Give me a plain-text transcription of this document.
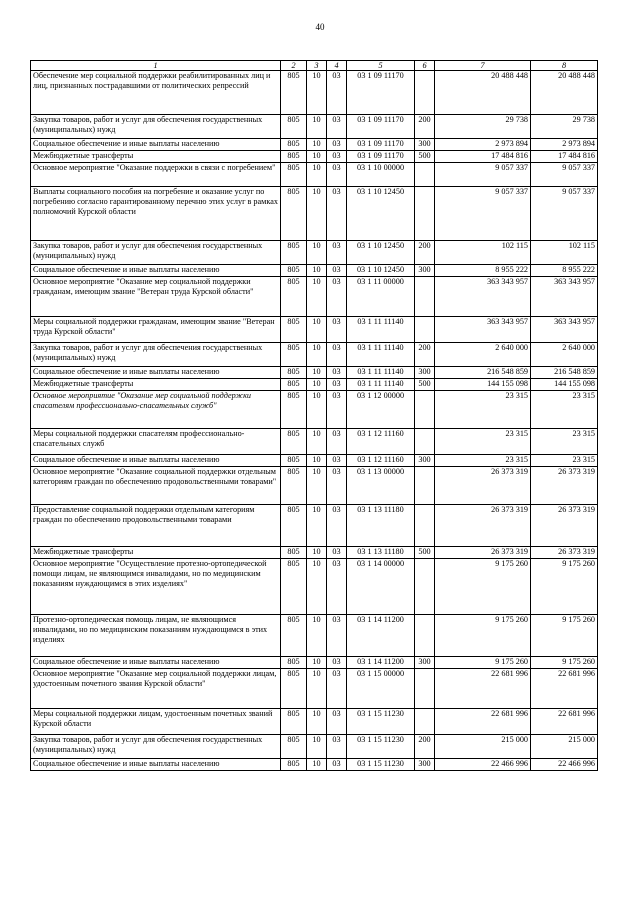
40
1	2	3	4	5	6	7	8
Обеспечение мер социальной поддержки реабилитированных лиц и лиц, признанных пострадавшими от политических репрессий	805	10	03	03 1 09 11170		20 488 448	20 488 448
Закупка товаров, работ и услуг для обеспечения государственных (муниципальных) нужд	805	10	03	03 1 09 11170	200	29 738	29 738
Социальное обеспечение и иные выплаты населению	805	10	03	03 1 09 11170	300	2 973 894	2 973 894
Межбюджетные трансферты	805	10	03	03 1 09 11170	500	17 484 816	17 484 816
Основное мероприятие "Оказание поддержки в связи с погребением"	805	10	03	03 1 10 00000		9 057 337	9 057 337
Выплаты социального пособия на погребение и оказание услуг по погребению согласно гарантированному перечню этих услуг в рамках полномочий Курской области	805	10	03	03 1 10 12450		9 057 337	9 057 337
Закупка товаров, работ и услуг для обеспечения государственных (муниципальных) нужд	805	10	03	03 1 10 12450	200	102 115	102 115
Социальное обеспечение и иные выплаты населению	805	10	03	03 1 10 12450	300	8 955 222	8 955 222
Основное мероприятие "Оказание мер социальной поддержки гражданам, имеющим звание "Ветеран труда Курской области"	805	10	03	03 1 11 00000		363 343 957	363 343 957
Меры социальной поддержки гражданам, имеющим звание "Ветеран труда Курской области"	805	10	03	03 1 11 11140		363 343 957	363 343 957
Закупка товаров, работ и услуг для обеспечения государственных (муниципальных) нужд	805	10	03	03 1 11 11140	200	2 640 000	2 640 000
Социальное обеспечение и иные выплаты населению	805	10	03	03 1 11 11140	300	216 548 859	216 548 859
Межбюджетные трансферты	805	10	03	03 1 11 11140	500	144 155 098	144 155 098
Основное мероприятие "Оказание мер социальной поддержки спасателям профессионально-спасательных служб"	805	10	03	03 1 12 00000		23 315	23 315
Меры социальной поддержки спасателям профессионально-спасательных служб	805	10	03	03 1 12 11160		23 315	23 315
Социальное обеспечение и иные выплаты населению	805	10	03	03 1 12 11160	300	23 315	23 315
Основное мероприятие "Оказание социальной поддержки отдельным категориям граждан по обеспечению продовольственными товарами"	805	10	03	03 1 13 00000		26 373 319	26 373 319
Предоставление социальной поддержки отдельным категориям граждан по обеспечению продовольственными товарами	805	10	03	03 1 13 11180		26 373 319	26 373 319
Межбюджетные трансферты	805	10	03	03 1 13 11180	500	26 373 319	26 373 319
Основное мероприятие "Осуществление протезно-ортопедической помощи лицам, не являющимся инвалидами, но по медицинским показаниям нуждающимся в этих изделиях"	805	10	03	03 1 14 00000		9 175 260	9 175 260
Протезно-ортопедическая помощь лицам, не являющимся инвалидами, но по медицинским показаниям нуждающимся в этих изделиях	805	10	03	03 1 14 11200		9 175 260	9 175 260
Социальное обеспечение и иные выплаты населению	805	10	03	03 1 14 11200	300	9 175 260	9 175 260
Основное мероприятие "Оказание мер социальной поддержки лицам, удостоенным почетного звания Курской области"	805	10	03	03 1 15 00000		22 681 996	22 681 996
Меры социальной поддержки лицам, удостоенным почетных званий Курской области	805	10	03	03 1 15 11230		22 681 996	22 681 996
Закупка товаров, работ и услуг для обеспечения государственных (муниципальных) нужд	805	10	03	03 1 15 11230	200	215 000	215 000
Социальное обеспечение и иные выплаты населению	805	10	03	03 1 15 11230	300	22 466 996	22 466 996
